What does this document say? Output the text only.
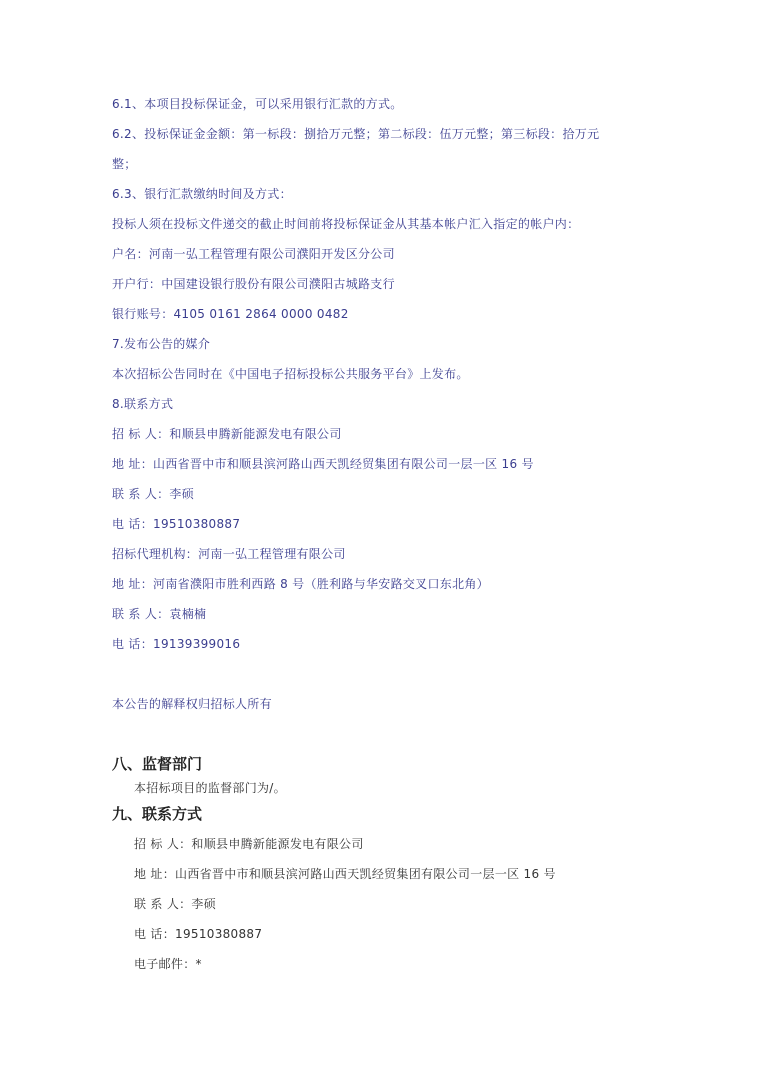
6.1、本项目投标保证金，可以采用银行汇款的方式。
6.2、投标保证金金额：第一标段：捌拾万元整；第二标段：伍万元整；第三标段：拾万元
整；
6.3、银行汇款缴纳时间及方式：
投标人须在投标文件递交的截止时间前将投标保证金从其基本帐户汇入指定的帐户内：
户名：河南一弘工程管理有限公司濮阳开发区分公司
开户行：中国建设银行股份有限公司濮阳古城路支行
银行账号：4105 0161 2864 0000 0482
7.发布公告的媒介
本次招标公告同时在《中国电子招标投标公共服务平台》上发布。
8.联系方式
招 标 人：和顺县申腾新能源发电有限公司
地 址：山西省晋中市和顺县滨河路山西天凯经贸集团有限公司一层一区 16 号
联 系 人：李硕
电 话：19510380887
招标代理机构：河南一弘工程管理有限公司
地 址：河南省濮阳市胜利西路 8 号（胜利路与华安路交叉口东北角）
联 系 人：袁楠楠
电 话：19139399016
本公告的解释权归招标人所有
八、监督部门
本招标项目的监督部门为/。
九、联系方式
招 标 人：和顺县申腾新能源发电有限公司
地 址：山西省晋中市和顺县滨河路山西天凯经贸集团有限公司一层一区 16 号
联 系 人：李硕
电 话：19510380887
电子邮件：*
